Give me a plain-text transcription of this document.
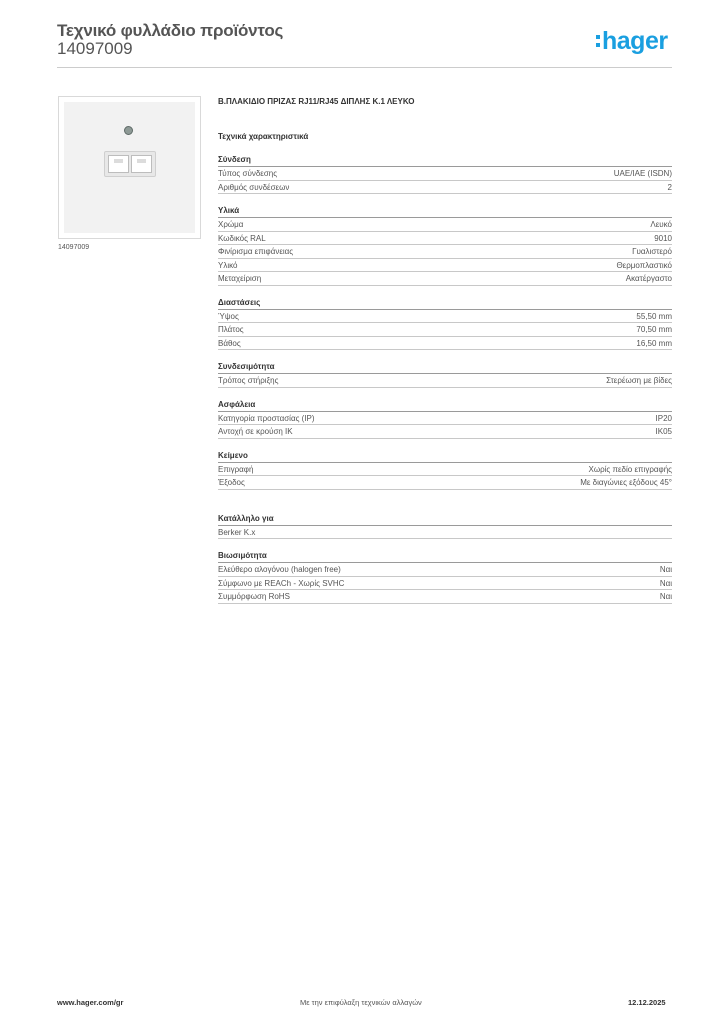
Τεχνικό φυλλάδιο προϊόντος
14097009	hager
14097009
Β.ΠΛΑΚΙΔΙΟ ΠΡΙΖΑΣ RJ11/RJ45 ΔΙΠΛΗΣ Κ.1 ΛΕΥΚΟ
Τεχνικά χαρακτηριστικά
Σύνδεση
Τύπος σύνδεσης	UAE/IAE (ISDN)
Αριθμός συνδέσεων	2
Υλικά
Χρώμα	Λευκό
Κωδικός RAL	9010
Φινίρισμα επιφάνειας	Γυαλιστερό
Υλικό	Θερμοπλαστικό
Μεταχείριση	Ακατέργαστο
Διαστάσεις
Ύψος	55,50 mm
Πλάτος	70,50 mm
Βάθος	16,50 mm
Συνδεσιμότητα
Τρόπος στήριξης	Στερέωση με βίδες
Ασφάλεια
Κατηγορία προστασίας (IP)	IP20
Αντοχή σε κρούση IK	IK05
Κείμενο
Επιγραφή	Χωρίς πεδίο επιγραφής
Έξοδος	Με διαγώνιες εξόδους 45°
Κατάλληλο για
Berker K.x
Βιωσιμότητα
Ελεύθερο αλογόνου (halogen free)	Ναι
Σύμφωνο με REACh - Χωρίς SVHC	Ναι
Συμμόρφωση RoHS	Ναι
www.hager.com/gr	Με την επιφύλαξη τεχνικών αλλαγών	12.12.2025
